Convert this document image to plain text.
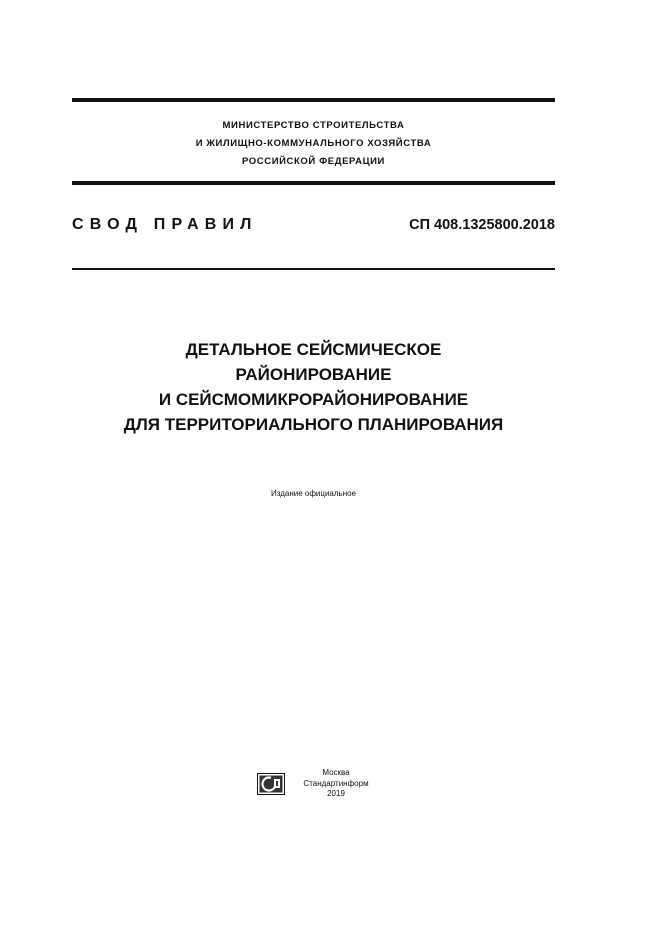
МИНИСТЕРСТВО СТРОИТЕЛЬСТВА
И ЖИЛИЩНО-КОММУНАЛЬНОГО ХОЗЯЙСТВА
РОССИЙСКОЙ ФЕДЕРАЦИИ
СВОД ПРАВИЛ	СП 408.1325800.2018
ДЕТАЛЬНОЕ СЕЙСМИЧЕСКОЕ
РАЙОНИРОВАНИЕ
И СЕЙСМОМИКРОРАЙОНИРОВАНИЕ
ДЛЯ ТЕРРИТОРИАЛЬНОГО ПЛАНИРОВАНИЯ
Издание официальное
Москва
Стандартинформ
2019
